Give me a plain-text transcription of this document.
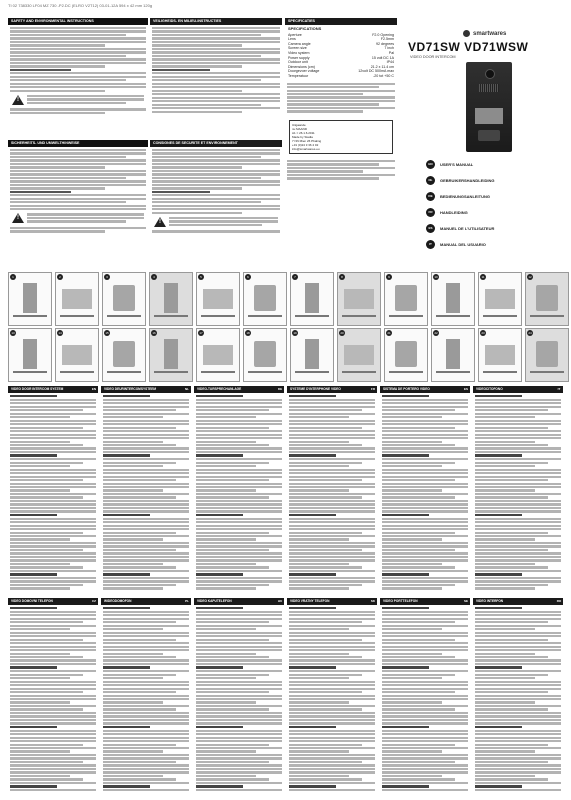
TI 02 738330 LF04 MZ 730 -P2.DC (ELRO V2T12) 03-01-12A 594 x 42 mm 120g
SAFETY AND ENVIRONMENTAL INSTRUCTIONS
!
VEILIGHEIDS- EN MILIEU-INSTRUCTIES
SICHERHEITS- UND UMWELTHINWEISE
!
CONSIGNES DE SECURITE ET ENVIRONNEMENT
!
SPECIFICATIES
SPECIFICATIONS
Aperture	F2.0 Opening
Lens	F2.5mm
Camera angle	92 degrees
Screen size	7 inch
Video system	Pal
Power supply	15 volt DC 1A
Outdoor unit	IP44
Dimensions (cm)	21.2 x 11.4 cm
Doorgevoer voltage	12volt DC 500mA max
Temperatuur	-20 tot +50 C
Uitgaande
nu MAAND
A1 = 26.1.6.2011
Made by Stadia
7 NN Mien 26 Pbaling
+31 (0)24 3 36 4 02
info@smartwares.eu
smartwares
VD71SW VD71WSW
VIDEO DOOR INTERCOM
EN	USER'S MANUAL
NL	GEBRUIKERSHANDLEIDING
DE	BEDIENUNGSANLEITUNG
FR	HANDLEIDING
ES	MANUEL DE L'UTILISATEUR
IT	MANUAL DEL USUARIO
1	2	3	4	5	6	7	8	9	10	11	12
13	14	15	16	17	18	19	20	21	22	23	24
VIDEO DOOR INTERCOM SYSTEM	EN	VIDEO DEURINTERCOMSYSTEEM	NL	VIDEO-TURSPRECHANLAGE	DE	SYSTEME D'INTERPHONE VIDEO	FR	SISTEMA DE PORTERO VIDEO	ES	VIDEOCITOFONO	IT
VIDEO DOMOVNI TELEFON	CZ	WIDEODOMOFON	PL	VIDEO KAPUTELEFON	HU	VIDEO VRATNY TELEFON	SK	VIDEO PORTTELEFON	SE	VIDEO INTERFON	RO
